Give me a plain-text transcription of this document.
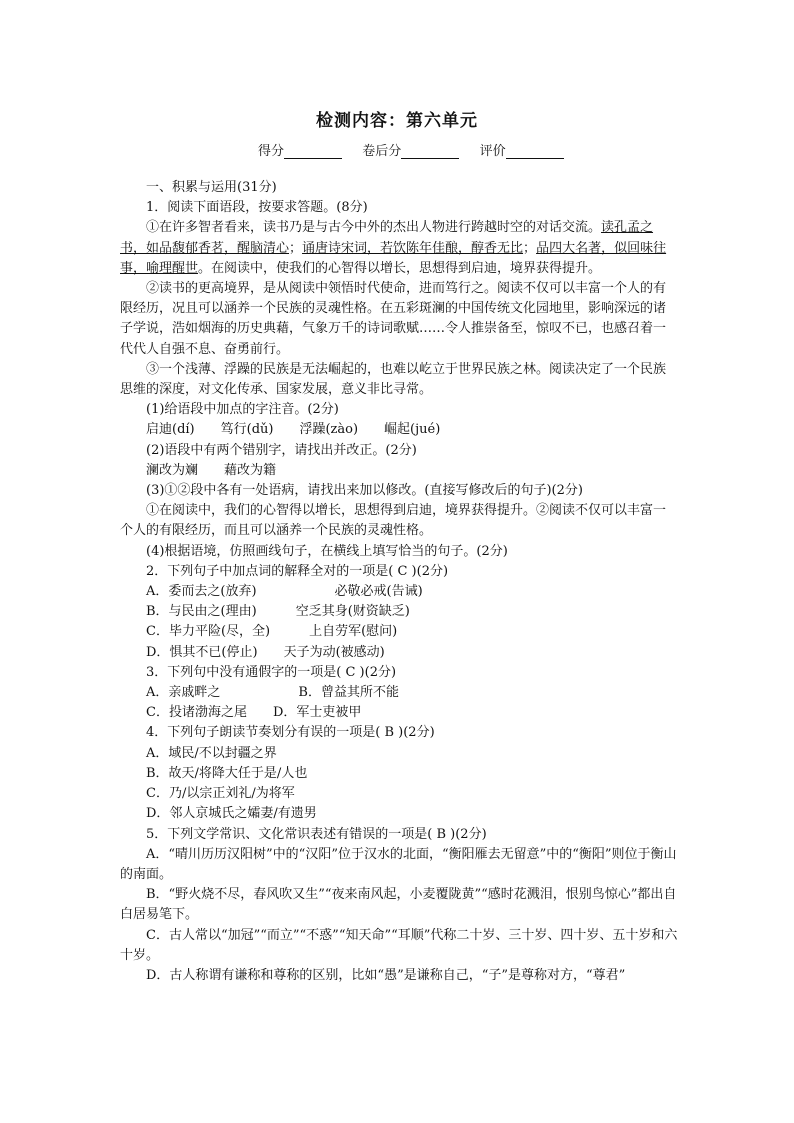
检测内容：第六单元
得分	卷后分	评价

一、积累与运用(31分)

1．阅读下面语段，按要求答题。(8分)

①在许多智者看来，读书乃是与古今中外的杰出人物进行跨越时空的对话交流。读孔孟之书，如品馥郁香茗，醒脑清心；诵唐诗宋词，若饮陈年佳酿，醇香无比；品四大名著，似回味往事，喻理醒世。在阅读中，使我们的心智得以增长，思想得到启迪，境界获得提升。

②读书的更高境界，是从阅读中领悟时代使命，进而笃行之。阅读不仅可以丰富一个人的有限经历，况且可以涵养一个民族的灵魂性格。在五彩斑澜的中国传统文化园地里，影响深远的诸子学说，浩如烟海的历史典藉，气象万千的诗词歌赋……令人推崇备至，惊叹不已，也感召着一代代人自强不息、奋勇前行。

③一个浅薄、浮躁的民族是无法崛起的，也难以屹立于世界民族之林。阅读决定了一个民族思维的深度，对文化传承、国家发展，意义非比寻常。

(1)给语段中加点的字注音。(2分)

启迪(dí)　　笃行(dǔ)　　浮躁(zào)　　崛起(jué)

(2)语段中有两个错别字，请找出并改正。(2分)

澜改为斓　　藉改为籍

(3)①②段中各有一处语病，请找出来加以修改。(直接写修改后的句子)(2分)

①在阅读中，我们的心智得以增长，思想得到启迪，境界获得提升。②阅读不仅可以丰富一个人的有限经历，而且可以涵养一个民族的灵魂性格。

(4)根据语境，仿照画线句子，在横线上填写恰当的句子。(2分)

2．下列句子中加点词的解释全对的一项是( C )(2分)

A．委而去之(放弃)　　　　　　必敬必戒(告诫)

B．与民由之(理由)　　　空乏其身(财资缺乏)

C．毕力平险(尽，全)　　　上自劳军(慰问)

D．惧其不已(停止)　　天子为动(被感动)

3．下列句中没有通假字的一项是( C )(2分)

A．亲戚畔之　　　　　　B．曾益其所不能

C．投诸渤海之尾　　D．军士吏被甲

4．下列句子朗读节奏划分有误的一项是( B )(2分)

A．域民/不以封疆之界

B．故天/将降大任于是/人也

C．乃/以宗正刘礼/为将军

D．邻人京城氏之孀妻/有遗男

5．下列文学常识、文化常识表述有错误的一项是( B )(2分)

A．“晴川历历汉阳树”中的“汉阳”位于汉水的北面，“衡阳雁去无留意”中的“衡阳”则位于衡山的南面。

B．“野火烧不尽，春风吹又生”“夜来南风起，小麦覆陇黄”“感时花溅泪，恨别鸟惊心”都出自白居易笔下。

C．古人常以“加冠”“而立”“不惑”“知天命”“耳顺”代称二十岁、三十岁、四十岁、五十岁和六十岁。

D．古人称谓有谦称和尊称的区别，比如“愚”是谦称自己，“子”是尊称对方，“尊君”
